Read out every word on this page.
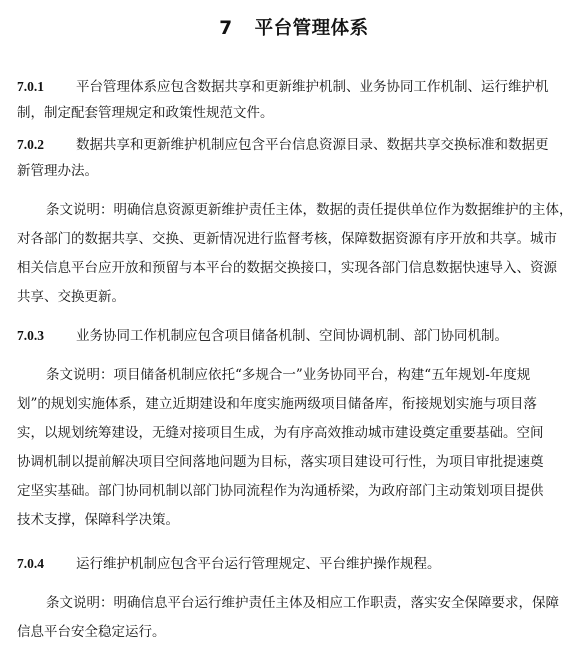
7 平台管理体系
7.0.1 平台管理体系应包含数据共享和更新维护机制、业务协同工作机制、运行维护机
制，制定配套管理规定和政策性规范文件。
7.0.2 数据共享和更新维护机制应包含平台信息资源目录、数据共享交换标准和数据更
新管理办法。
条文说明：明确信息资源更新维护责任主体，数据的责任提供单位作为数据维护的主体，
对各部门的数据共享、交换、更新情况进行监督考核，保障数据资源有序开放和共享。城市
相关信息平台应开放和预留与本平台的数据交换接口，实现各部门信息数据快速导入、资源
共享、交换更新。
7.0.3 业务协同工作机制应包含项目储备机制、空间协调机制、部门协同机制。
条文说明：项目储备机制应依托“多规合一”业务协同平台，构建“五年规划-年度规
划”的规划实施体系，建立近期建设和年度实施两级项目储备库，衔接规划实施与项目落
实，以规划统筹建设，无缝对接项目生成，为有序高效推动城市建设奠定重要基础。空间
协调机制以提前解决项目空间落地问题为目标，落实项目建设可行性，为项目审批提速奠
定坚实基础。部门协同机制以部门协同流程作为沟通桥梁，为政府部门主动策划项目提供
技术支撑，保障科学决策。
7.0.4 运行维护机制应包含平台运行管理规定、平台维护操作规程。
条文说明：明确信息平台运行维护责任主体及相应工作职责，落实安全保障要求，保障
信息平台安全稳定运行。
